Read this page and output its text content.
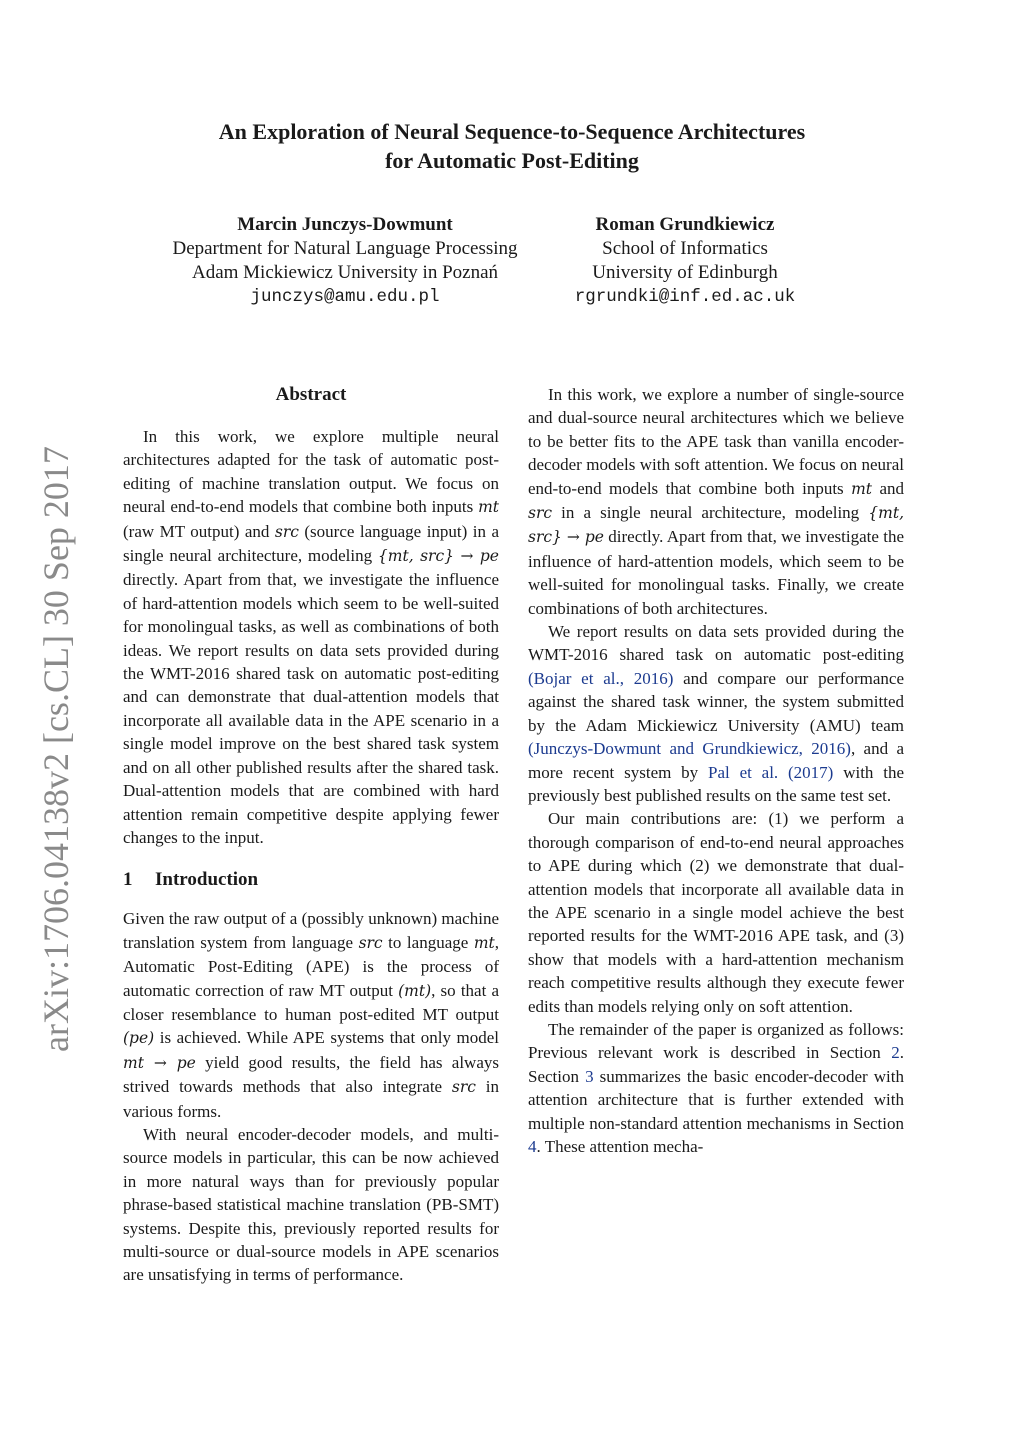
An Exploration of Neural Sequence-to-Sequence Architectures
for Automatic Post-Editing
Marcin Junczys-Dowmunt
Department for Natural Language Processing
Adam Mickiewicz University in Poznań
junczys@amu.edu.pl
Roman Grundkiewicz
School of Informatics
University of Edinburgh
rgrundki@inf.ed.ac.uk
arXiv:1706.04138v2 [cs.CL] 30 Sep 2017
Abstract

In this work, we explore multiple neural architectures adapted for the task of automatic post-editing of machine translation output. We focus on neural end-to-end models that combine both inputs mt (raw MT output) and src (source language input) in a single neural architecture, modeling {mt, src} → pe directly. Apart from that, we investigate the influence of hard-attention models which seem to be well-suited for monolingual tasks, as well as combinations of both ideas. We report results on data sets provided during the WMT-2016 shared task on automatic post-editing and can demonstrate that dual-attention models that incorporate all available data in the APE scenario in a single model improve on the best shared task system and on all other published results after the shared task. Dual-attention models that are combined with hard attention remain competitive despite applying fewer changes to the input.

1 Introduction

Given the raw output of a (possibly unknown) machine translation system from language src to language mt, Automatic Post-Editing (APE) is the process of automatic correction of raw MT output (mt), so that a closer resemblance to human post-edited MT output (pe) is achieved. While APE systems that only model mt → pe yield good results, the field has always strived towards methods that also integrate src in various forms.

With neural encoder-decoder models, and multi-source models in particular, this can be now achieved in more natural ways than for previously popular phrase-based statistical machine translation (PB-SMT) systems. Despite this, previously reported results for multi-source or dual-source models in APE scenarios are unsatisfying in terms of performance.

In this work, we explore a number of single-source and dual-source neural architectures which we believe to be better fits to the APE task than vanilla encoder-decoder models with soft attention. We focus on neural end-to-end models that combine both inputs mt and src in a single neural architecture, modeling {mt, src} → pe directly. Apart from that, we investigate the influence of hard-attention models, which seem to be well-suited for monolingual tasks. Finally, we create combinations of both architectures.

We report results on data sets provided during the WMT-2016 shared task on automatic post-editing (Bojar et al., 2016) and compare our performance against the shared task winner, the system submitted by the Adam Mickiewicz University (AMU) team (Junczys-Dowmunt and Grundkiewicz, 2016), and a more recent system by Pal et al. (2017) with the previously best published results on the same test set.

Our main contributions are: (1) we perform a thorough comparison of end-to-end neural approaches to APE during which (2) we demonstrate that dual-attention models that incorporate all available data in the APE scenario in a single model achieve the best reported results for the WMT-2016 APE task, and (3) show that models with a hard-attention mechanism reach competitive results although they execute fewer edits than models relying only on soft attention.

The remainder of the paper is organized as follows: Previous relevant work is described in Section 2. Section 3 summarizes the basic encoder-decoder with attention architecture that is further extended with multiple non-standard attention mechanisms in Section 4. These attention mecha-
